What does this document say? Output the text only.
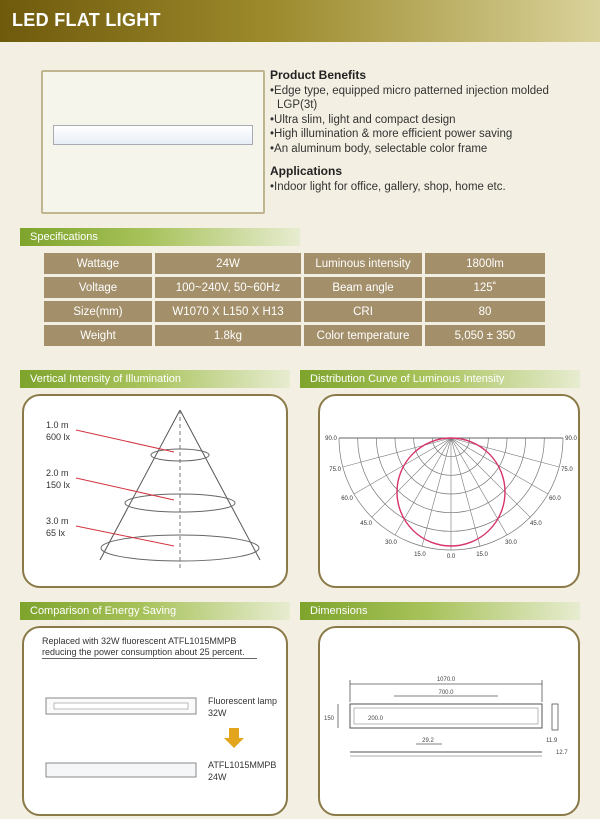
LED FLAT LIGHT
Product Benefits
• Edge type, equipped micro patterned injection molded LGP(3t)
• Ultra slim, light and compact design
• High illumination & more efficient power saving
• An aluminum body, selectable color frame
Applications
• Indoor light for office, gallery, shop, home etc.
Specifications
Wattage	24W	Luminous intensity	1800lm
Voltage	100~240V, 50~60Hz	Beam angle	125˚
Size(mm)	W1070 X L150 X H13	CRI	80
Weight	1.8kg	Color temperature	5,050 ± 350
Vertical Intensity of Illumination
1.0 m
600 lx
2.0 m
150 lx
3.0 m
65 lx
Distribution Curve of Luminous Intensity
90.0
75.0
60.0
45.0
30.0
15.0	15.0
30.0
45.0
60.0
75.0
90.0
0.0
Comparison of Energy Saving
Replaced with 32W fluorescent ATFL1015MMPB reducing the power consumption about 25 percent.
Fluorescent lamp
32W
ATFL1015MMPB
24W
Dimensions
1070.0
700.0
150	200.0
29.2	11.9
12.7
